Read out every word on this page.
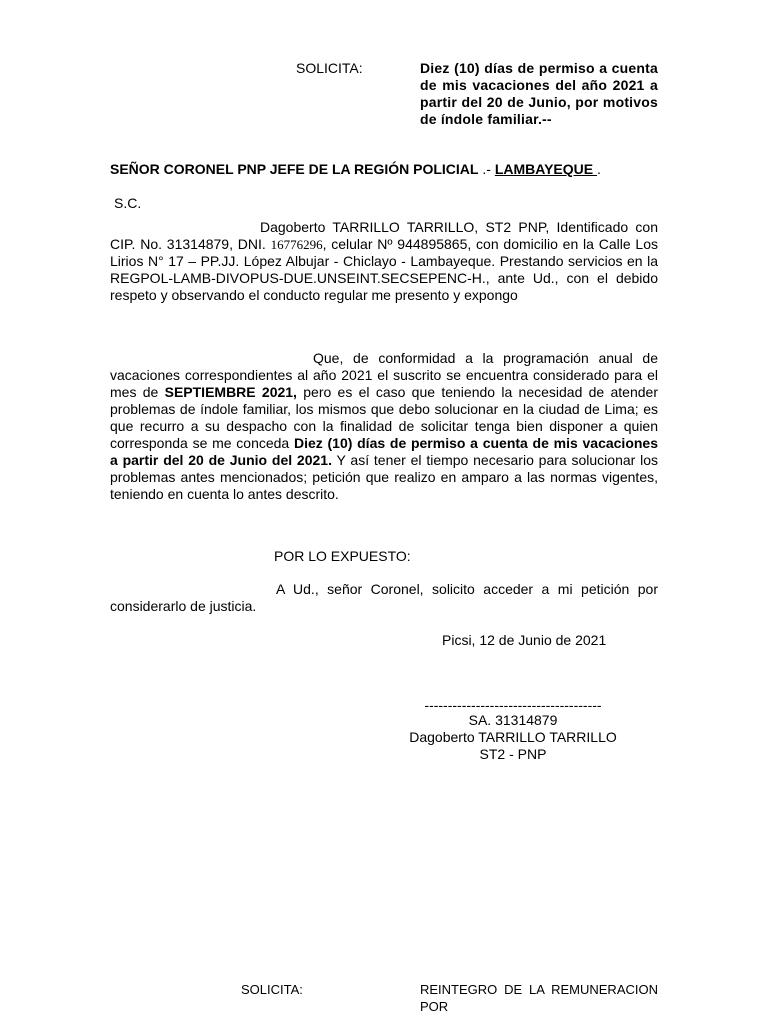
SOLICITA:	Diez (10) días de permiso a cuenta de mis vacaciones del año 2021 a partir del 20 de Junio, por motivos de índole familiar.--
SEÑOR CORONEL PNP JEFE DE LA REGIÓN POLICIAL .- LAMBAYEQUE .
S.C.
Dagoberto TARRILLO TARRILLO, ST2 PNP, Identificado con CIP. No. 31314879, DNI. 16776296, celular Nº 944895865, con domicilio en la Calle Los Lirios N° 17 – PP.JJ. López Albujar - Chiclayo - Lambayeque. Prestando servicios en la REGPOL-LAMB-DIVOPUS-DUE.UNSEINT.SECSEPENC-H., ante Ud., con el debido respeto y observando el conducto regular me presento y expongo
Que, de conformidad a la programación anual de vacaciones correspondientes al año 2021 el suscrito se encuentra considerado para el mes de SEPTIEMBRE 2021, pero es el caso que teniendo la necesidad de atender problemas de índole familiar, los mismos que debo solucionar en la ciudad de Lima; es que recurro a su despacho con la finalidad de solicitar tenga bien disponer a quien corresponda se me conceda Diez (10) días de permiso a cuenta de mis vacaciones a partir del 20 de Junio del 2021. Y así tener el tiempo necesario para solucionar los problemas antes mencionados; petición que realizo en amparo a las normas vigentes, teniendo en cuenta lo antes descrito.
POR LO EXPUESTO:
A Ud., señor Coronel, solicito acceder a mi petición por considerarlo de justicia.
Picsi, 12 de Junio de 2021
--------------------------------------
SA. 31314879
Dagoberto TARRILLO TARRILLO
ST2 - PNP
SOLICITA:	REINTEGRO DE LA REMUNERACION POR
